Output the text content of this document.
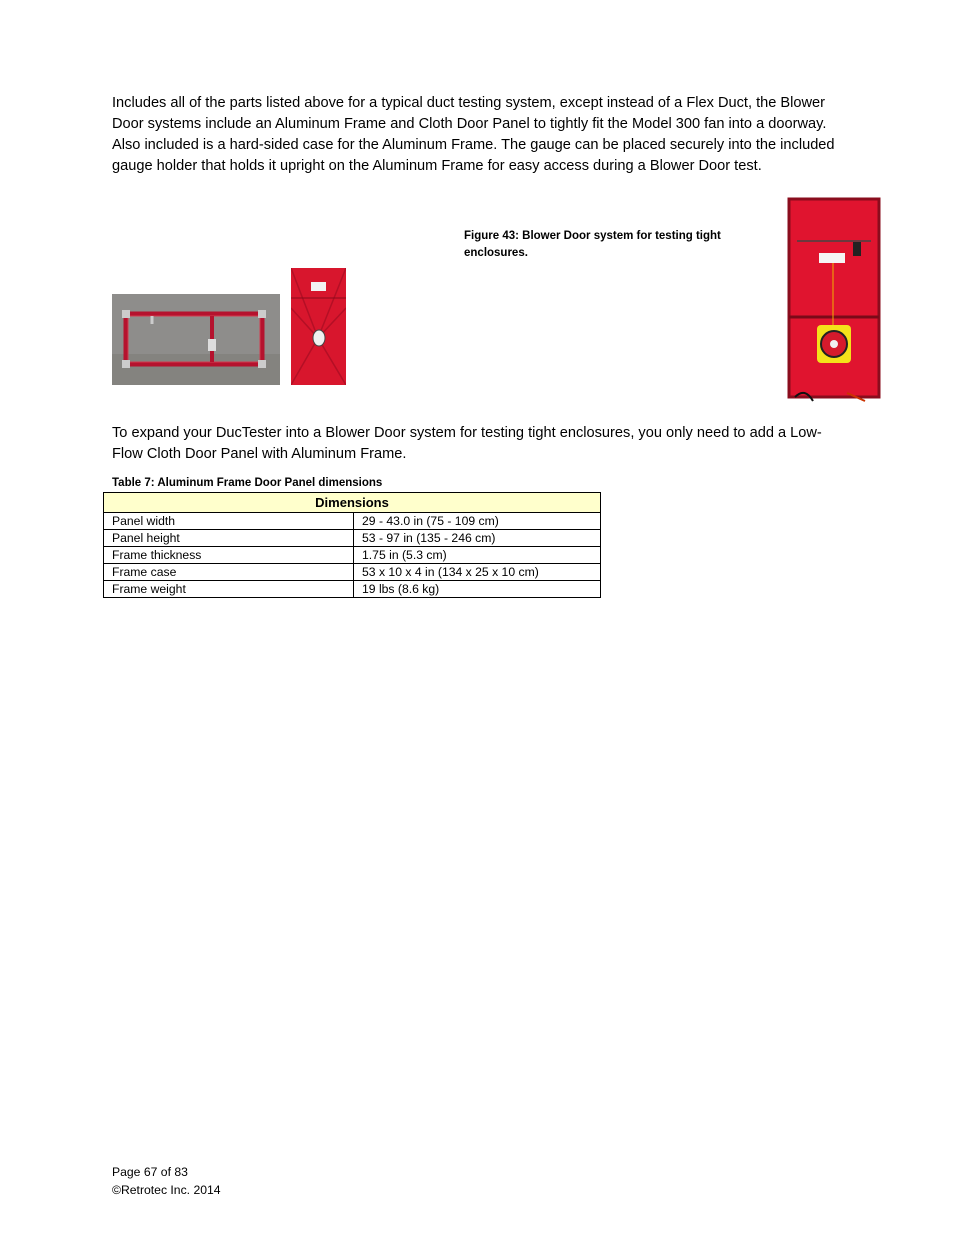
Includes all of the parts listed above for a typical duct testing system, except instead of a Flex Duct, the Blower Door systems include an Aluminum Frame and Cloth Door Panel to tightly fit the Model 300 fan into a doorway. Also included is a hard-sided case for the Aluminum Frame. The gauge can be placed securely into the included gauge holder that holds it upright on the Aluminum Frame for easy access during a Blower Door test.

Figure 43: Blower Door system for testing tight enclosures.

To expand your DucTester into a Blower Door system for testing tight enclosures, you only need to add a Low-Flow Cloth Door Panel with Aluminum Frame.

Table 7: Aluminum Frame Door Panel dimensions
Dimensions	
Panel width	29 - 43.0 in (75 - 109 cm)
Panel height	53 - 97 in (135 - 246 cm)
Frame thickness	1.75 in (5.3 cm)
Frame case	53 x 10 x 4 in (134 x 25 x 10 cm)
Frame weight	19 lbs (8.6 kg)
Page 67 of 83
©Retrotec Inc. 2014
